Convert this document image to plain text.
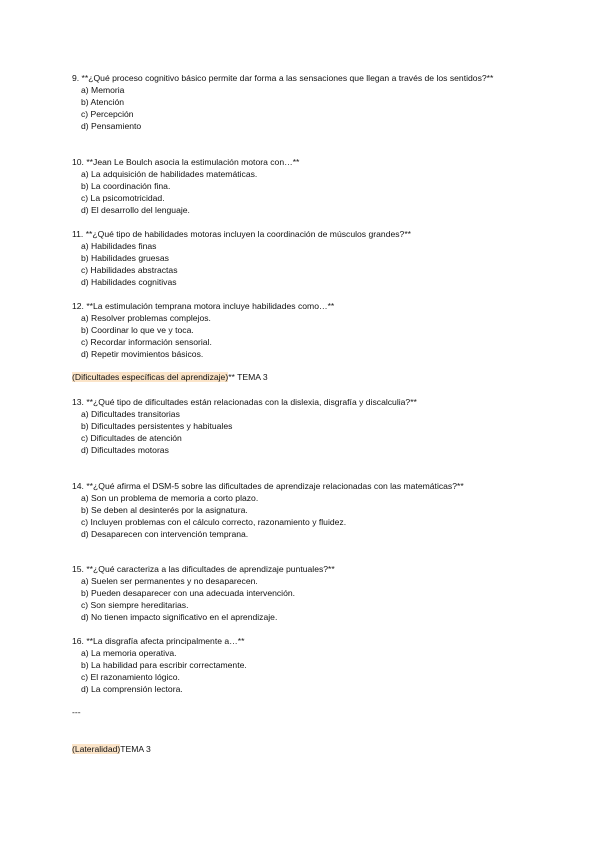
9. **¿Qué proceso cognitivo básico permite dar forma a las sensaciones que llegan a través de los sentidos?**

a) Memoria
b) Atención
c) Percepción
d) Pensamiento

10. **Jean Le Boulch asocia la estimulación motora con…**

a) La adquisición de habilidades matemáticas.
b) La coordinación fina.
c) La psicomotricidad.
d) El desarrollo del lenguaje.

11. **¿Qué tipo de habilidades motoras incluyen la coordinación de músculos grandes?**

a) Habilidades finas
b) Habilidades gruesas
c) Habilidades abstractas
d) Habilidades cognitivas

12. **La estimulación temprana motora incluye habilidades como…**

a) Resolver problemas complejos.
b) Coordinar lo que ve y toca.
c) Recordar información sensorial.
d) Repetir movimientos básicos.
(Dificultades específicas del aprendizaje)** TEMA 3

13. **¿Qué tipo de dificultades están relacionadas con la dislexia, disgrafía y discalculia?**

a) Dificultades transitorias
b) Dificultades persistentes y habituales
c) Dificultades de atención
d) Dificultades motoras

14. **¿Qué afirma el DSM-5 sobre las dificultades de aprendizaje relacionadas con las matemáticas?**

a) Son un problema de memoria a corto plazo.
b) Se deben al desinterés por la asignatura.
c) Incluyen problemas con el cálculo correcto, razonamiento y fluidez.
d) Desaparecen con intervención temprana.

15. **¿Qué caracteriza a las dificultades de aprendizaje puntuales?**

a) Suelen ser permanentes y no desaparecen.
b) Pueden desaparecer con una adecuada intervención.
c) Son siempre hereditarias.
d) No tienen impacto significativo en el aprendizaje.

16. **La disgrafía afecta principalmente a…**

a) La memoria operativa.
b) La habilidad para escribir correctamente.
c) El razonamiento lógico.
d) La comprensión lectora.
---
(Lateralidad)TEMA 3
